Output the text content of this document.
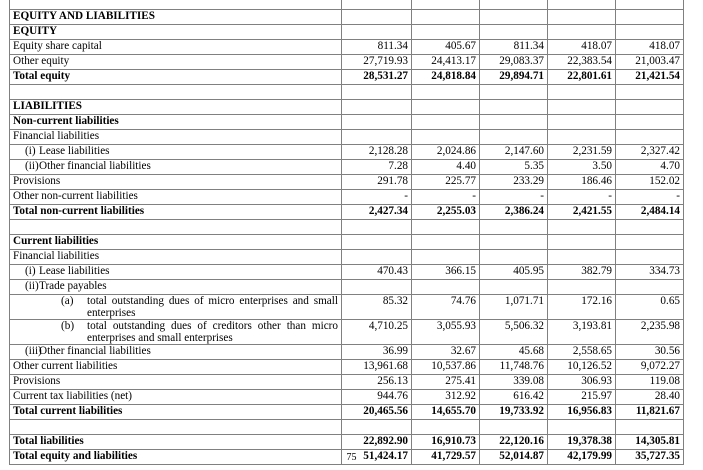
EQUITY AND LIABILITIES					
EQUITY					
Equity share capital	811.34	405.67	811.34	418.07	418.07
Other equity	27,719.93	24,413.17	29,083.37	22,383.54	21,003.47
Total equity	28,531.27	24,818.84	29,894.71	22,801.61	21,421.54

LIABILITIES					
Non-current liabilities					
Financial liabilities					
(i) Lease liabilities	2,128.28	2,024.86	2,147.60	2,231.59	2,327.42
(ii)Other financial liabilities	7.28	4.40	5.35	3.50	4.70
Provisions	291.78	225.77	233.29	186.46	152.02
Other non-current liabilities	-	-	-	-	-
Total non-current liabilities	2,427.34	2,255.03	2,386.24	2,421.55	2,484.14

Current liabilities					
Financial liabilities					
(i) Lease liabilities	470.43	366.15	405.95	382.79	334.73
(ii)Trade payables					

(a) total outstanding dues of micro enterprises and small enterprises	85.32	74.76	1,071.71	172.16	0.65

(b) total outstanding dues of creditors other than micro enterprises and small enterprises	4,710.25	3,055.93	5,506.32	3,193.81	2,235.98
(iii)Other financial liabilities	36.99	32.67	45.68	2,558.65	30.56
Other current liabilities	13,961.68	10,537.86	11,748.76	10,126.52	9,072.27
Provisions	256.13	275.41	339.08	306.93	119.08
Current tax liabilities (net)	944.76	312.92	616.42	215.97	28.40
Total current liabilities	20,465.56	14,655.70	19,733.92	16,956.83	11,821.67

Total liabilities	22,892.90	16,910.73	22,120.16	19,378.38	14,305.81
Total equity and liabilities	51,424.17	41,729.57	52,014.87	42,179.99	35,727.35
75
